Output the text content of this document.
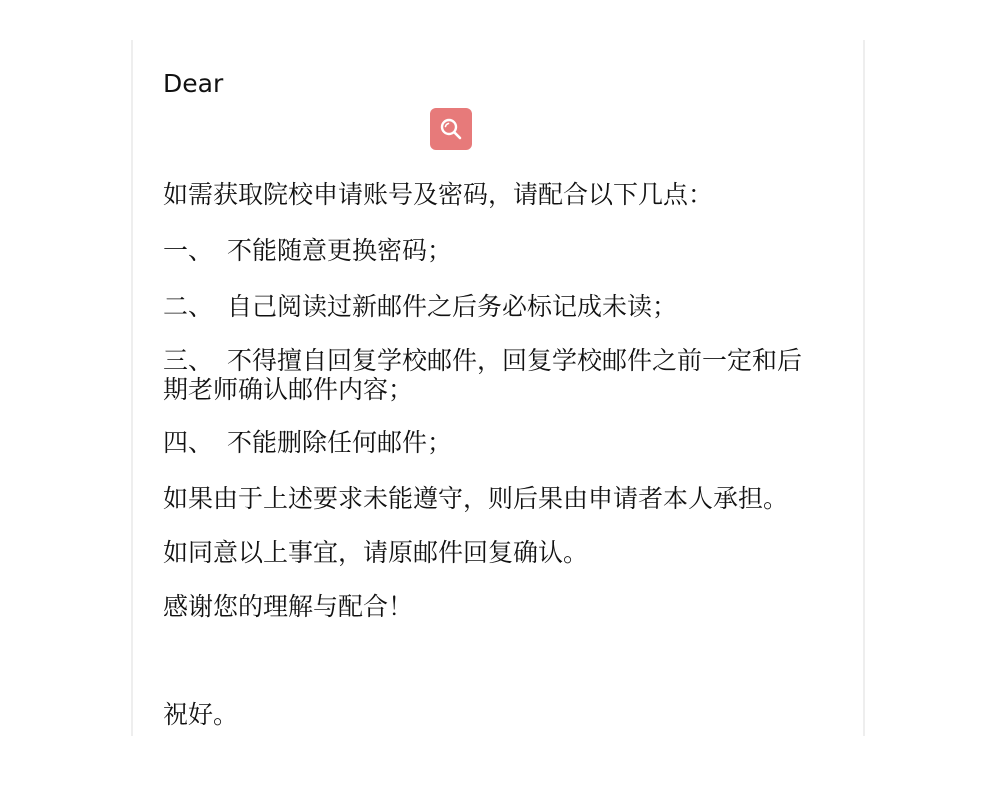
Dear

如需获取院校申请账号及密码，请配合以下几点：

一、 不能随意更换密码；

二、 自己阅读过新邮件之后务必标记成未读；

三、 不得擅自回复学校邮件，回复学校邮件之前一定和后
期老师确认邮件内容；

四、 不能删除任何邮件；

如果由于上述要求未能遵守，则后果由申请者本人承担。

如同意以上事宜，请原邮件回复确认。

感谢您的理解与配合！

祝好。
